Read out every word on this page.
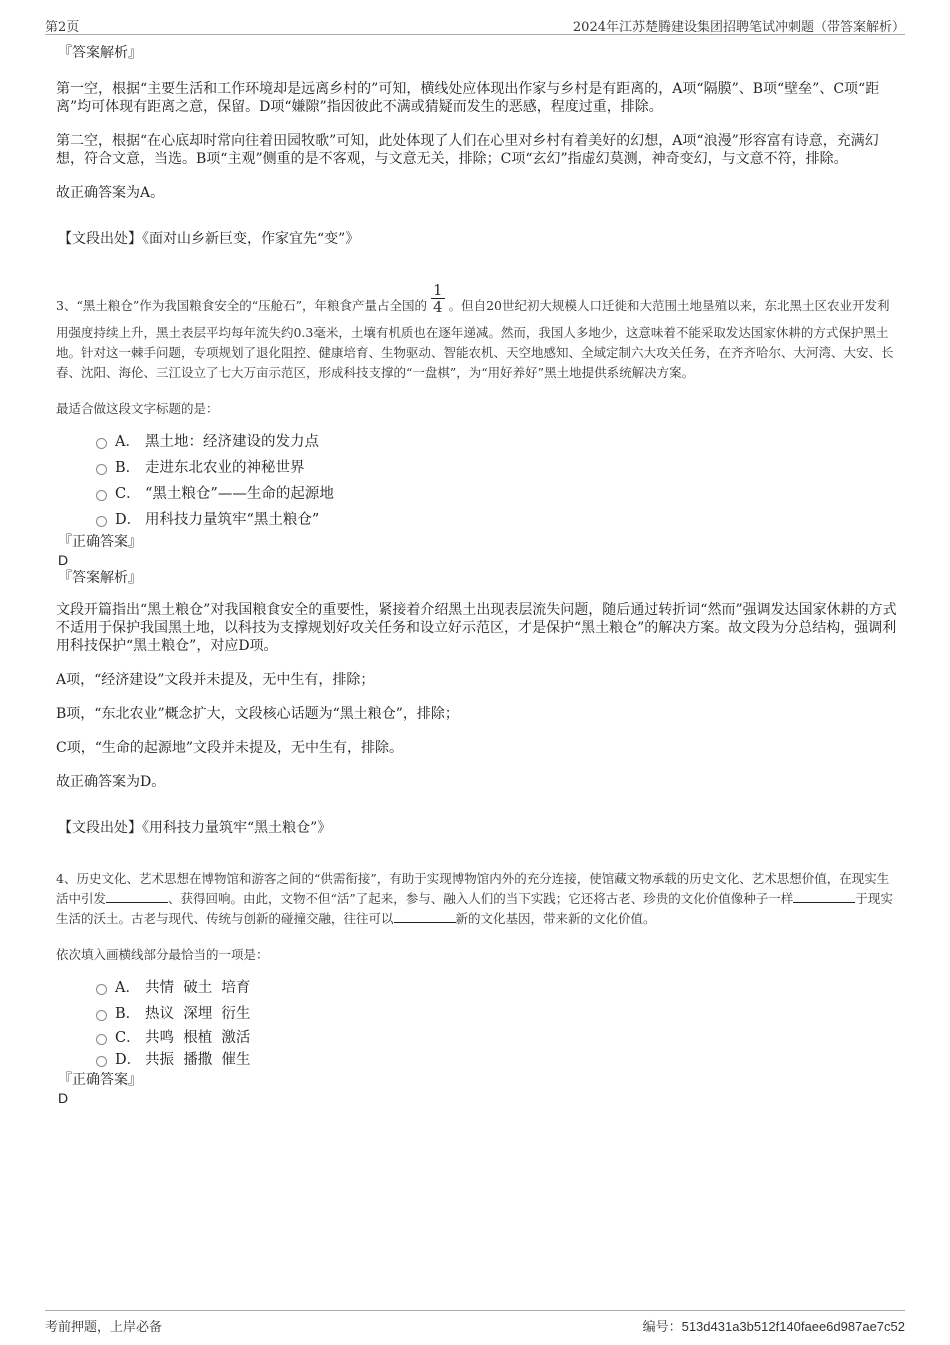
第2页	2024年江苏楚腾建设集团招聘笔试冲刺题（带答案解析）
『答案解析』

第一空，根据“主要生活和工作环境却是远离乡村的”可知，横线处应体现出作家与乡村是有距离的，A项“隔膜”、B项“壁垒”、C项“距离”均可体现有距离之意，保留。D项“嫌隙”指因彼此不满或猜疑而发生的恶感，程度过重，排除。

第二空，根据“在心底却时常向往着田园牧歌”可知，此处体现了人们在心里对乡村有着美好的幻想，A项“浪漫”形容富有诗意，充满幻想，符合文意，当选。B项“主观”侧重的是不客观，与文意无关，排除；C项“玄幻”指虚幻莫测，神奇变幻，与文意不符，排除。

故正确答案为A。

【文段出处】《面对山乡新巨变，作家宜先“变”》

3、“黑土粮仓”作为我国粮食安全的“压舱石”，年粮食产量占全国的 $\frac{1}{4}$ 。但自20世纪初大规模人口迁徙和大范围土地垦殖以来，东北黑土区农业开发利用强度持续上升，黑土表层平均每年流失约0.3毫米，土壤有机质也在逐年递减。然而，我国人多地少，这意味着不能采取发达国家休耕的方式保护黑土地。针对这一棘手问题，专项规划了退化阻控、健康培育、生物驱动、智能农机、天空地感知、全域定制六大攻关任务，在齐齐哈尔、大河湾、大安、长春、沈阳、海伦、三江设立了七大万亩示范区，形成科技支撑的“一盘棋”，为“用好养好”黑土地提供系统解决方案。

最适合做这段文字标题的是：

A． 黑土地：经济建设的发力点
B． 走进东北农业的神秘世界
C． “黑土粮仓”——生命的起源地
D． 用科技力量筑牢“黑土粮仓”
『正确答案』
D
『答案解析』

文段开篇指出“黑土粮仓”对我国粮食安全的重要性，紧接着介绍黑土出现表层流失问题，随后通过转折词“然而”强调发达国家休耕的方式不适用于保护我国黑土地，以科技为支撑规划好攻关任务和设立好示范区，才是保护“黑土粮仓”的解决方案。故文段为分总结构，强调利用科技保护“黑土粮仓”，对应D项。

A项，“经济建设”文段并未提及，无中生有，排除；

B项，“东北农业”概念扩大，文段核心话题为“黑土粮仓”，排除；

C项，“生命的起源地”文段并未提及，无中生有，排除。

故正确答案为D。

【文段出处】《用科技力量筑牢“黑土粮仓”》

4、历史文化、艺术思想在博物馆和游客之间的“供需衔接”，有助于实现博物馆内外的充分连接，使馆藏文物承载的历史文化、艺术思想价值，在现实生活中引发	、获得回响。由此，文物不但“活”了起来，参与、融入人们的当下实践；它还将古老、珍贵的文化价值像种子一样	于现实生活的沃土。古老与现代、传统与创新的碰撞交融，往往可以	新的文化基因，带来新的文化价值。

依次填入画横线部分最恰当的一项是：

A． 共情  破土  培育
B． 热议  深埋  衍生
C． 共鸣  根植  激活
D． 共振  播撒  催生
『正确答案』
D
考前押题，上岸必备	编号：513d431a3b512f140faee6d987ae7c52
